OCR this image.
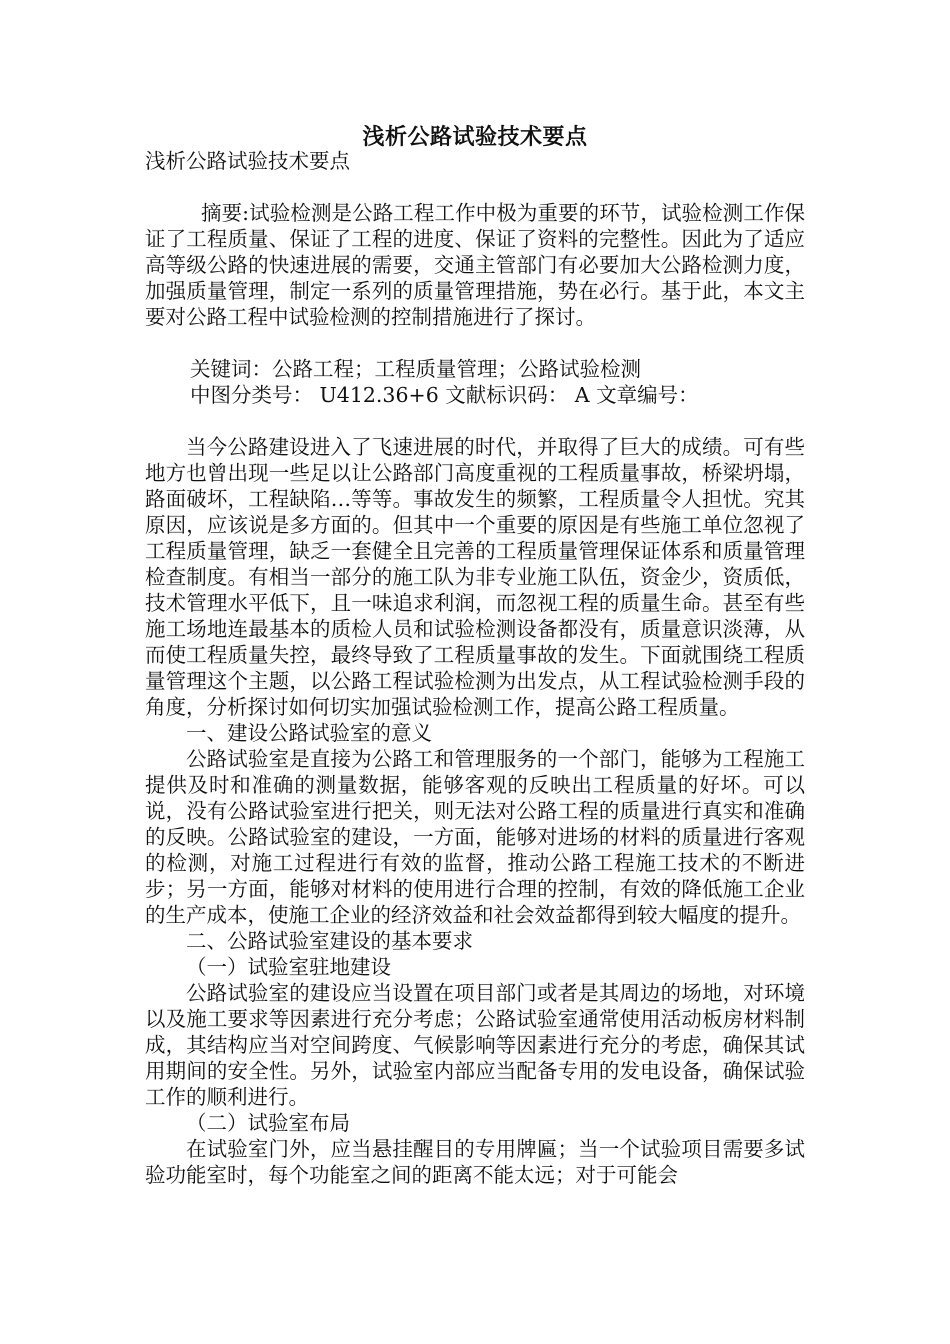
浅析公路试验技术要点

浅析公路试验技术要点

摘要:试验检测是公路工程工作中极为重要的环节，试验检测工作保证了工程质量、保证了工程的进度、保证了资料的完整性。因此为了适应高等级公路的快速进展的需要，交通主管部门有必要加大公路检测力度，加强质量管理，制定一系列的质量管理措施，势在必行。基于此，本文主要对公路工程中试验检测的控制措施进行了探讨。

关键词：公路工程；工程质量管理；公路试验检测

中图分类号： U412.36+6 文献标识码： A 文章编号：

当今公路建设进入了飞速进展的时代，并取得了巨大的成绩。可有些地方也曾出现一些足以让公路部门高度重视的工程质量事故，桥梁坍塌，路面破坏，工程缺陷…等等。事故发生的频繁，工程质量令人担忧。究其原因，应该说是多方面的。但其中一个重要的原因是有些施工单位忽视了工程质量管理，缺乏一套健全且完善的工程质量管理保证体系和质量管理检查制度。有相当一部分的施工队为非专业施工队伍，资金少，资质低，技术管理水平低下，且一味追求利润，而忽视工程的质量生命。甚至有些施工场地连最基本的质检人员和试验检测设备都没有，质量意识淡薄，从而使工程质量失控，最终导致了工程质量事故的发生。下面就围绕工程质量管理这个主题，以公路工程试验检测为出发点，从工程试验检测手段的角度，分析探讨如何切实加强试验检测工作，提高公路工程质量。

一、建设公路试验室的意义

公路试验室是直接为公路工和管理服务的一个部门，能够为工程施工提供及时和准确的测量数据，能够客观的反映出工程质量的好坏。可以说，没有公路试验室进行把关，则无法对公路工程的质量进行真实和准确的反映。公路试验室的建设，一方面，能够对进场的材料的质量进行客观的检测，对施工过程进行有效的监督，推动公路工程施工技术的不断进步；另一方面，能够对材料的使用进行合理的控制，有效的降低施工企业的生产成本，使施工企业的经济效益和社会效益都得到较大幅度的提升。

二、公路试验室建设的基本要求

（一）试验室驻地建设

公路试验室的建设应当设置在项目部门或者是其周边的场地，对环境以及施工要求等因素进行充分考虑；公路试验室通常使用活动板房材料制成，其结构应当对空间跨度、气候影响等因素进行充分的考虑，确保其试用期间的安全性。另外，试验室内部应当配备专用的发电设备，确保试验工作的顺利进行。

（二）试验室布局

在试验室门外，应当悬挂醒目的专用牌匾；当一个试验项目需要多试验功能室时，每个功能室之间的距离不能太远；对于可能会
